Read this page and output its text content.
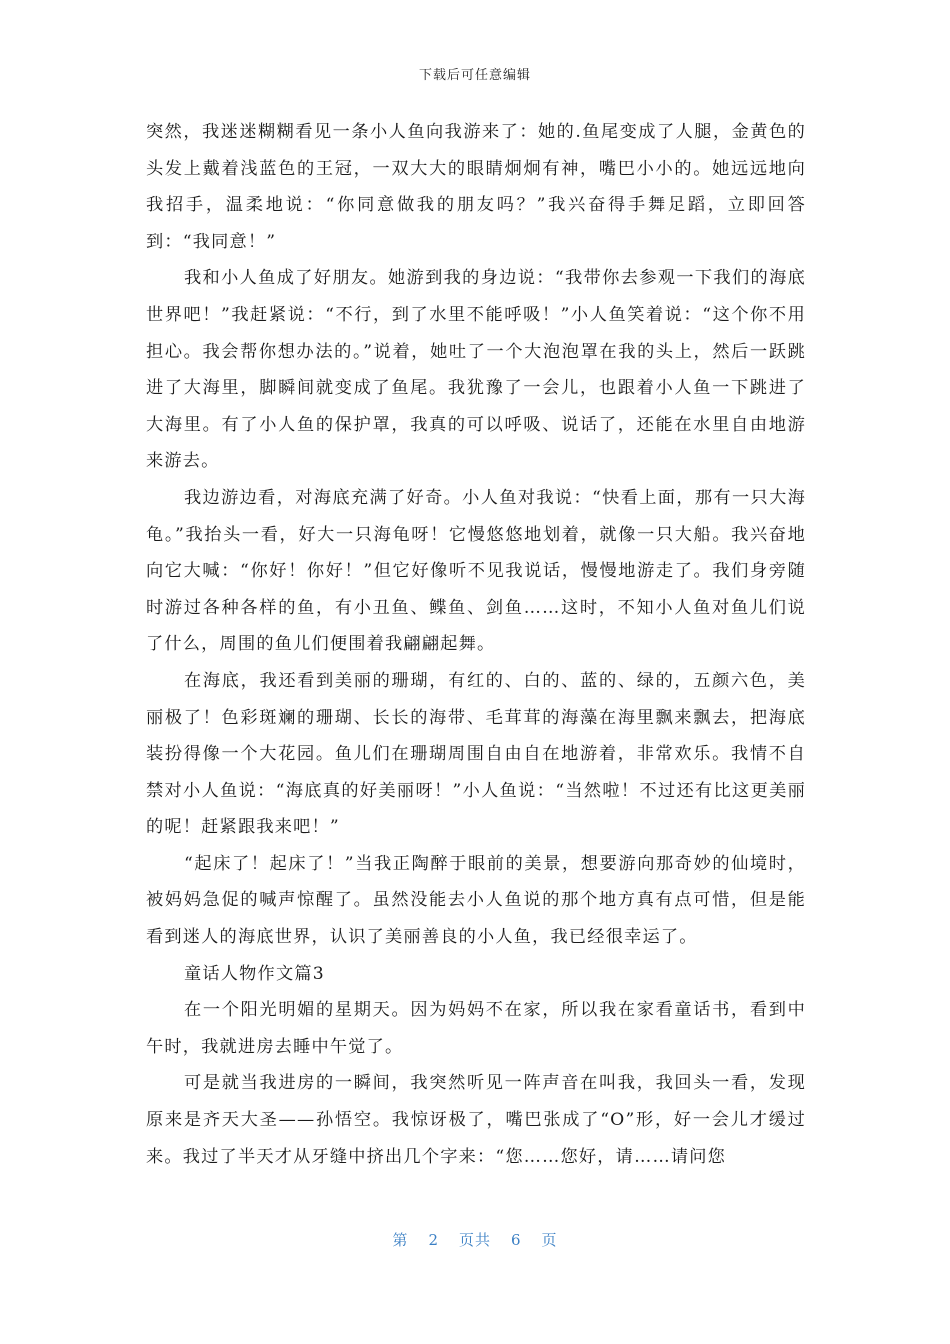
下载后可任意编辑

突然，我迷迷糊糊看见一条小人鱼向我游来了：她的.鱼尾变成了人腿，金黄色的头发上戴着浅蓝色的王冠，一双大大的眼睛炯炯有神，嘴巴小小的。她远远地向我招手，温柔地说：“你同意做我的朋友吗？”我兴奋得手舞足蹈，立即回答到：“我同意！”

我和小人鱼成了好朋友。她游到我的身边说：“我带你去参观一下我们的海底世界吧！”我赶紧说：“不行，到了水里不能呼吸！”小人鱼笑着说：“这个你不用担心。我会帮你想办法的。”说着，她吐了一个大泡泡罩在我的头上，然后一跃跳进了大海里，脚瞬间就变成了鱼尾。我犹豫了一会儿，也跟着小人鱼一下跳进了大海里。有了小人鱼的保护罩，我真的可以呼吸、说话了，还能在水里自由地游来游去。

我边游边看，对海底充满了好奇。小人鱼对我说：“快看上面，那有一只大海龟。”我抬头一看，好大一只海龟呀！它慢悠悠地划着，就像一只大船。我兴奋地向它大喊：“你好！你好！”但它好像听不见我说话，慢慢地游走了。我们身旁随时游过各种各样的鱼，有小丑鱼、鲽鱼、剑鱼……这时，不知小人鱼对鱼儿们说了什么，周围的鱼儿们便围着我翩翩起舞。

在海底，我还看到美丽的珊瑚，有红的、白的、蓝的、绿的，五颜六色，美丽极了！色彩斑斓的珊瑚、长长的海带、毛茸茸的海藻在海里飘来飘去，把海底装扮得像一个大花园。鱼儿们在珊瑚周围自由自在地游着，非常欢乐。我情不自禁对小人鱼说：“海底真的好美丽呀！”小人鱼说：“当然啦！不过还有比这更美丽的呢！赶紧跟我来吧！”

“起床了！起床了！”当我正陶醉于眼前的美景，想要游向那奇妙的仙境时，被妈妈急促的喊声惊醒了。虽然没能去小人鱼说的那个地方真有点可惜，但是能看到迷人的海底世界，认识了美丽善良的小人鱼，我已经很幸运了。

童话人物作文篇3

在一个阳光明媚的星期天。因为妈妈不在家，所以我在家看童话书，看到中午时，我就进房去睡中午觉了。

可是就当我进房的一瞬间，我突然听见一阵声音在叫我，我回头一看，发现原来是齐天大圣——孙悟空。我惊讶极了，嘴巴张成了“O”形，好一会儿才缓过来。我过了半天才从牙缝中挤出几个字来：“您……您好，请……请问您

第 2 页共 6 页
